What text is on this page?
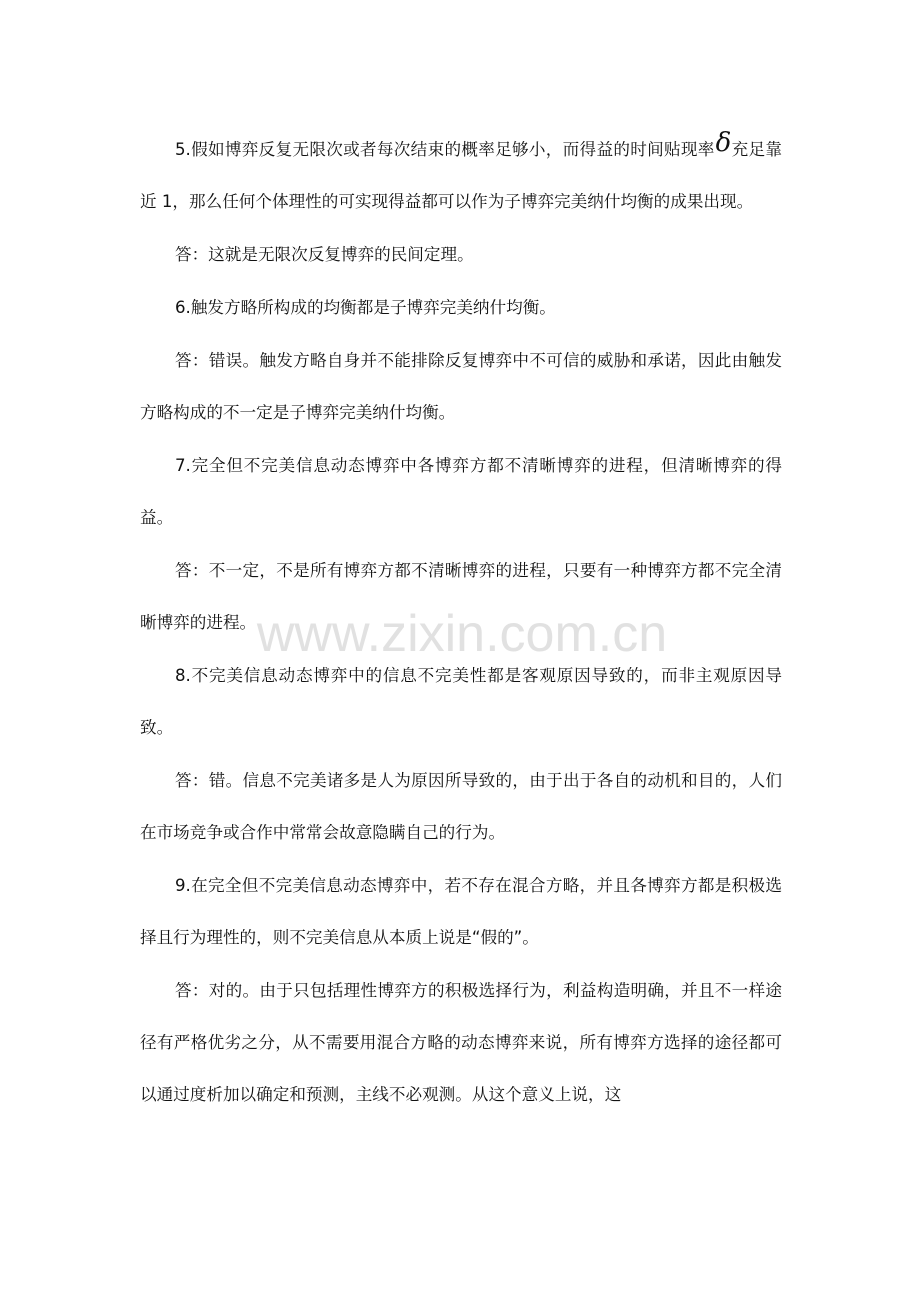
5.假如博弈反复无限次或者每次结束的概率足够小，而得益的时间贴现率δ充足靠近 1，那么任何个体理性的可实现得益都可以作为子博弈完美纳什均衡的成果出现。

答：这就是无限次反复博弈的民间定理。

6.触发方略所构成的均衡都是子博弈完美纳什均衡。

答：错误。触发方略自身并不能排除反复博弈中不可信的威胁和承诺，因此由触发方略构成的不一定是子博弈完美纳什均衡。

7.完全但不完美信息动态博弈中各博弈方都不清晰博弈的进程，但清晰博弈的得益。

答：不一定，不是所有博弈方都不清晰博弈的进程，只要有一种博弈方都不完全清晰博弈的进程。

8.不完美信息动态博弈中的信息不完美性都是客观原因导致的，而非主观原因导致。

答：错。信息不完美诸多是人为原因所导致的，由于出于各自的动机和目的，人们在市场竞争或合作中常常会故意隐瞒自己的行为。

9.在完全但不完美信息动态博弈中，若不存在混合方略，并且各博弈方都是积极选择且行为理性的，则不完美信息从本质上说是“假的”。

答：对的。由于只包括理性博弈方的积极选择行为，利益构造明确，并且不一样途径有严格优劣之分，从不需要用混合方略的动态博弈来说，所有博弈方选择的途径都可以通过度析加以确定和预测，主线不必观测。从这个意义上说，这

www.zixin.com.cn
